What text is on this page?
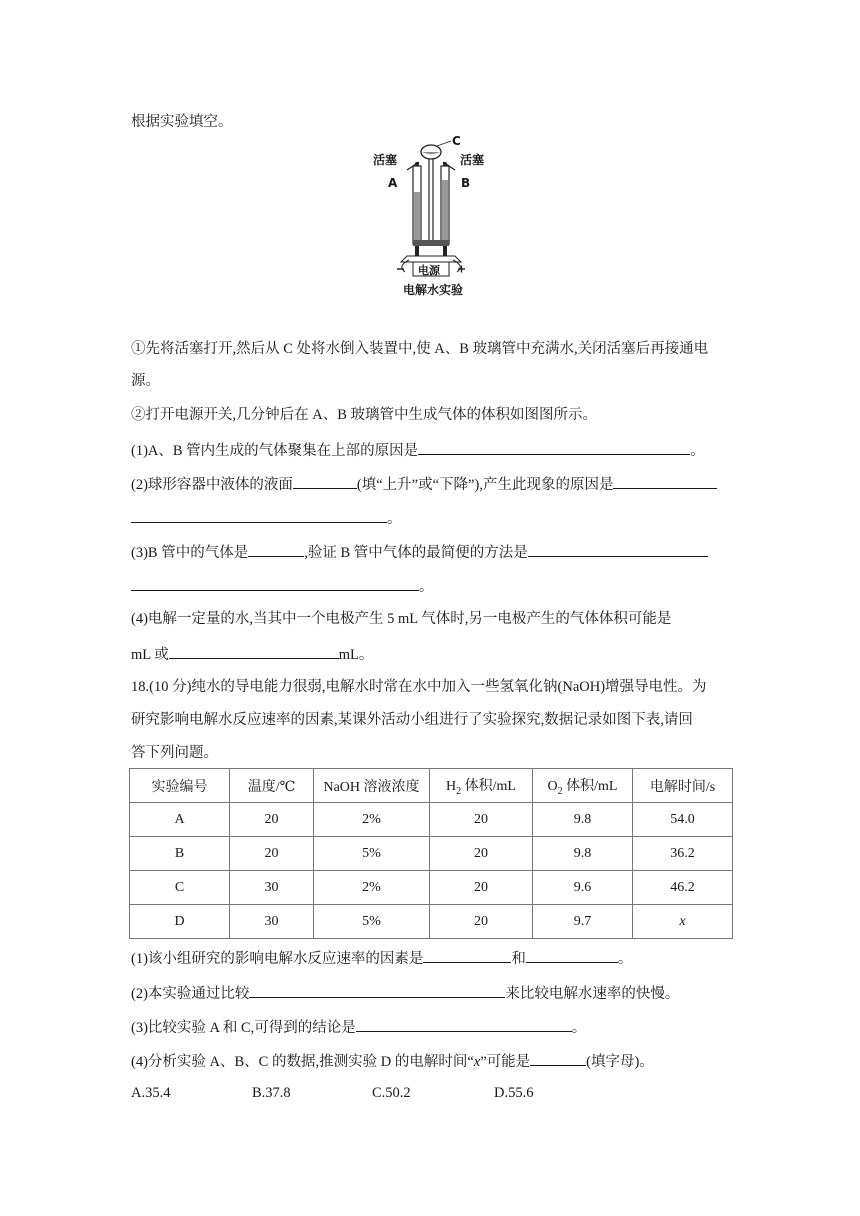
根据实验填空。
C
活塞	活塞
A	B
电源
电解水实验
①先将活塞打开,然后从 C 处将水倒入装置中,使 A、B 玻璃管中充满水,关闭活塞后再接通电
源。
②打开电源开关,几分钟后在 A、B 玻璃管中生成气体的体积如图图所示。
(1)A、B 管内生成的气体聚集在上部的原因是	。
(2)球形容器中液体的液面	(填“上升”或“下降”),产生此现象的原因是
。
(3)B 管中的气体是	,验证 B 管中气体的最简便的方法是
。
(4)电解一定量的水,当其中一个电极产生 5 mL 气体时,另一电极产生的气体体积可能是
mL 或	mL。
18.(10 分)纯水的导电能力很弱,电解水时常在水中加入一些氢氧化钠(NaOH)增强导电性。为
研究影响电解水反应速率的因素,某课外活动小组进行了实验探究,数据记录如图下表,请回
答下列问题。
实验编号	温度/℃	NaOH 溶液浓度	$H_2$ 体积/mL	$O_2$ 体积/mL	电解时间/s
A	20	2%	20	9.8	54.0
B	20	5%	20	9.8	36.2
C	30	2%	20	9.6	46.2
D	30	5%	20	9.7	x
(1)该小组研究的影响电解水反应速率的因素是	和	。
(2)本实验通过比较	来比较电解水速率的快慢。
(3)比较实验 A 和 C,可得到的结论是	。
(4)分析实验 A、B、C 的数据,推测实验 D 的电解时间“x”可能是	(填字母)。
A.35.4	B.37.8	C.50.2	D.55.6
